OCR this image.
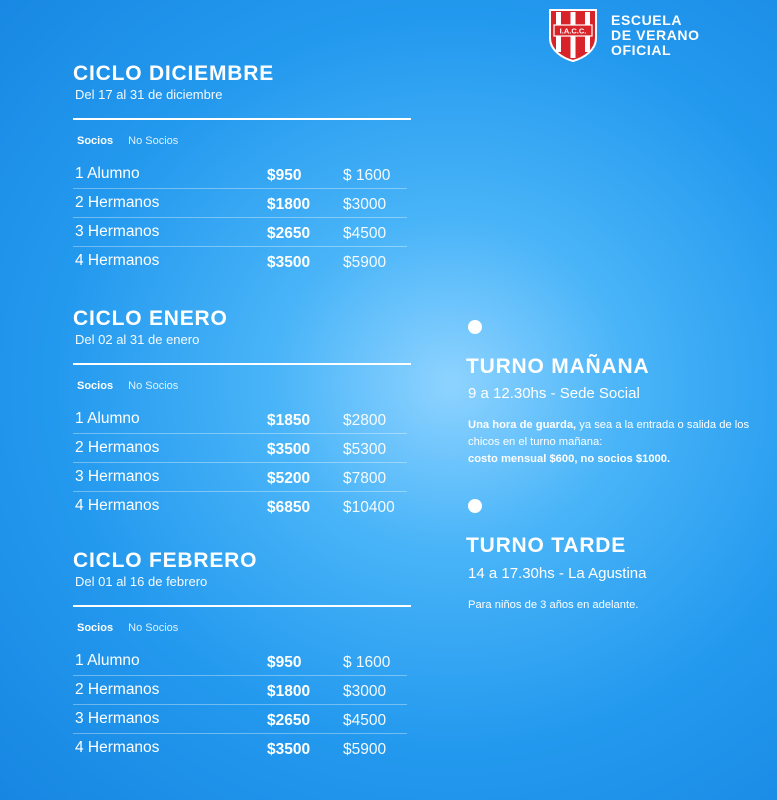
I.A.C.C.
ESCUELA
DE VERANO
OFICIAL
CICLO DICIEMBRE
Del 17 al 31 de diciembre
Socios No Socios
1 Alumno	$950	$ 1600
2 Hermanos	$1800 $3000
3 Hermanos	$2650 $4500
4 Hermanos	$3500 $5900
CICLO ENERO
Del 02 al 31 de enero
Socios No Socios
1 Alumno	$1850 $2800
2 Hermanos	$3500 $5300
3 Hermanos	$5200 $7800
4 Hermanos	$6850 $10400
CICLO FEBRERO
Del 01 al 16 de febrero
Socios No Socios
1 Alumno	$950	$ 1600
2 Hermanos	$1800 $3000
3 Hermanos	$2650 $4500
4 Hermanos	$3500 $5900
TURNO MAÑANA
9 a 12.30hs - Sede Social
Una hora de guarda, ya sea a la entrada o salida de los chicos en el turno mañana:
costo mensual $600, no socios $1000.
TURNO TARDE
14 a 17.30hs - La Agustina
Para niños de 3 años en adelante.
